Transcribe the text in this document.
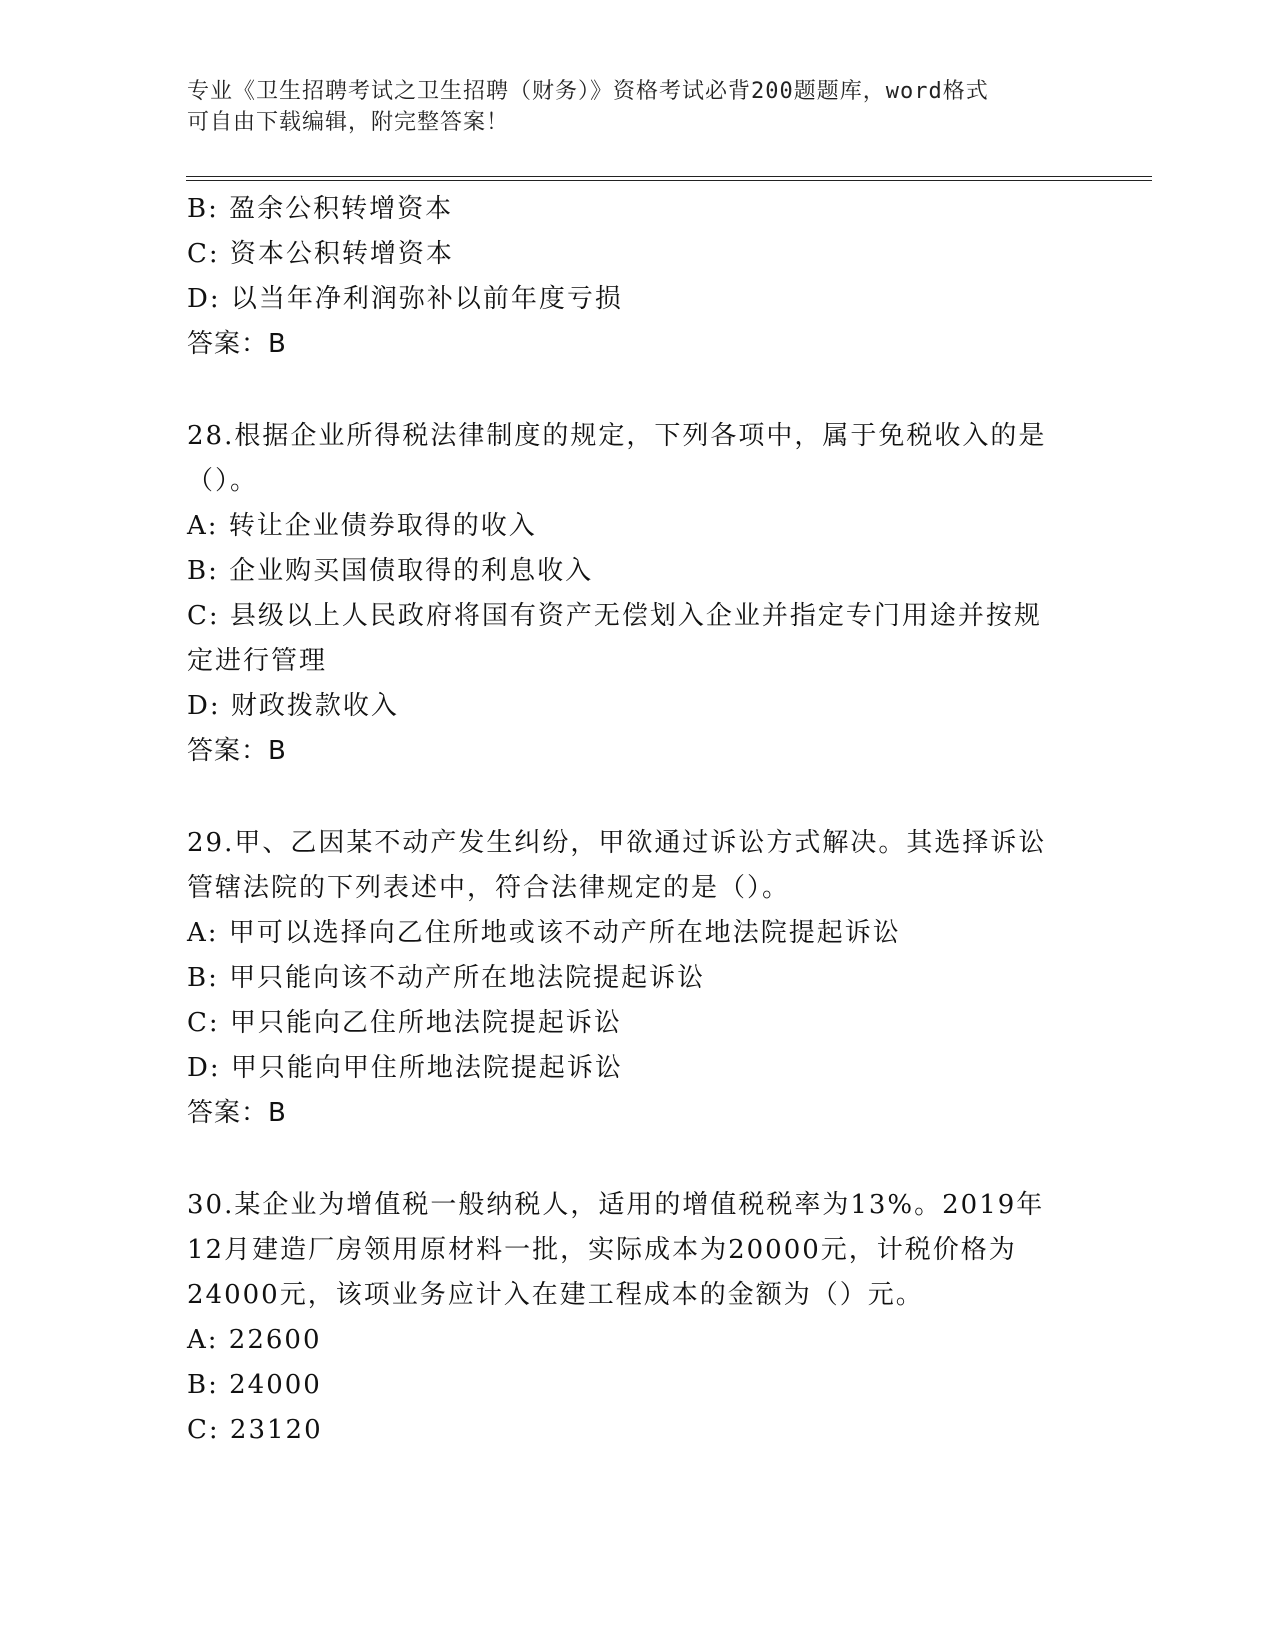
专业《卫生招聘考试之卫生招聘（财务）》资格考试必背200题题库，word格式
可自由下载编辑，附完整答案！
B: 盈余公积转增资本
C: 资本公积转增资本
D: 以当年净利润弥补以前年度亏损
答案：B
28.根据企业所得税法律制度的规定，下列各项中，属于免税收入的是（）。
A: 转让企业债券取得的收入
B: 企业购买国债取得的利息收入
C: 县级以上人民政府将国有资产无偿划入企业并指定专门用途并按规定进行管理
D: 财政拨款收入
答案：B
29.甲、乙因某不动产发生纠纷，甲欲通过诉讼方式解决。其选择诉讼管辖法院的下列表述中，符合法律规定的是（）。
A: 甲可以选择向乙住所地或该不动产所在地法院提起诉讼
B: 甲只能向该不动产所在地法院提起诉讼
C: 甲只能向乙住所地法院提起诉讼
D: 甲只能向甲住所地法院提起诉讼
答案：B
30.某企业为增值税一般纳税人，适用的增值税税率为13%。2019年12月建造厂房领用原材料一批，实际成本为20000元，计税价格为24000元，该项业务应计入在建工程成本的金额为（）元。
A: 22600
B: 24000
C: 23120
